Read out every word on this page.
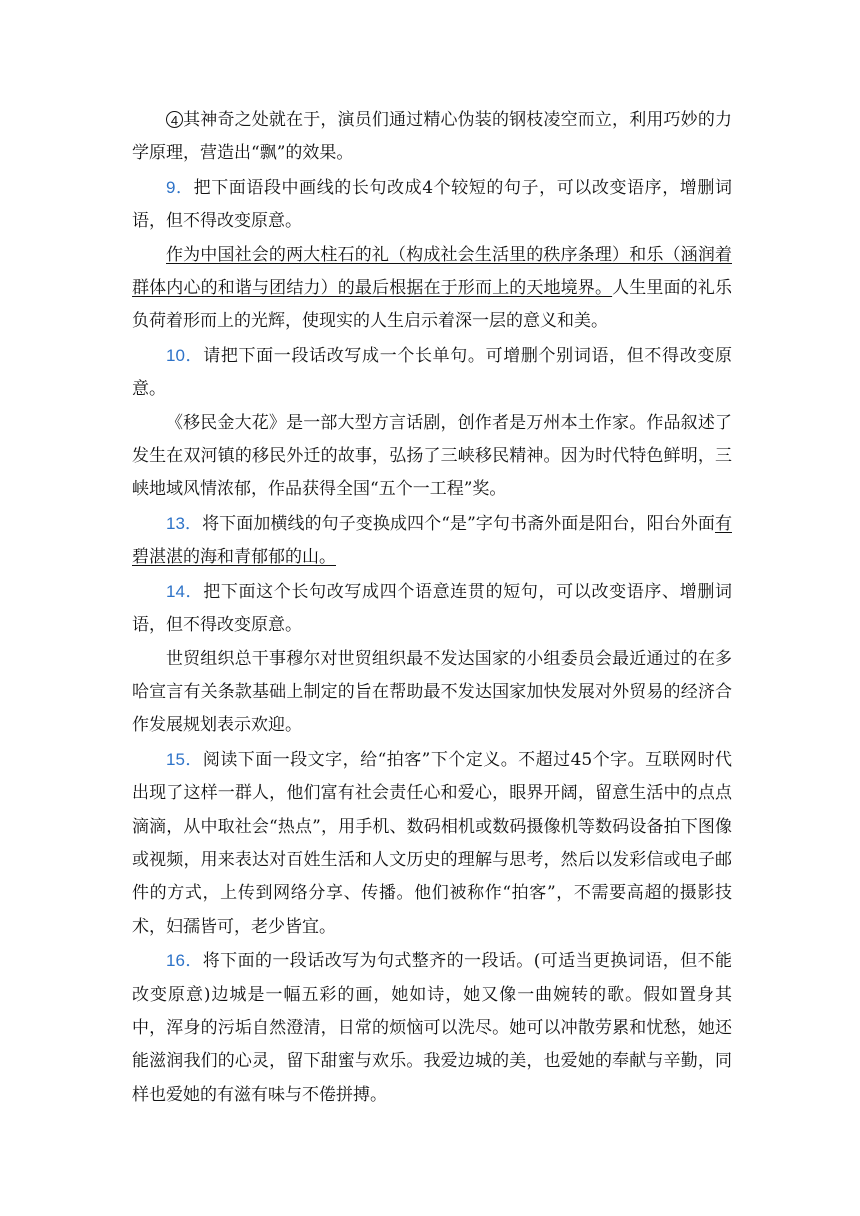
4 其神奇之处就在于，演员们通过精心伪装的钢枝凌空而立，利用巧妙的力学原理，营造出“飘”的效果。

9．把下面语段中画线的长句改成4个较短的句子，可以改变语序，增删词语，但不得改变原意。

作为中国社会的两大柱石的礼（构成社会生活里的秩序条理）和乐（涵润着群体内心的和谐与团结力）的最后根据在于形而上的天地境界。人生里面的礼乐负荷着形而上的光辉，使现实的人生启示着深一层的意义和美。

10．请把下面一段话改写成一个长单句。可增删个别词语，但不得改变原意。

《移民金大花》是一部大型方言话剧，创作者是万州本土作家。作品叙述了发生在双河镇的移民外迁的故事，弘扬了三峡移民精神。因为时代特色鲜明，三峡地域风情浓郁，作品获得全国“五个一工程”奖。

13．将下面加横线的句子变换成四个“是”字句书斋外面是阳台，阳台外面有碧湛湛的海和青郁郁的山。

14．把下面这个长句改写成四个语意连贯的短句，可以改变语序、增删词语，但不得改变原意。

世贸组织总干事穆尔对世贸组织最不发达国家的小组委员会最近通过的在多哈宣言有关条款基础上制定的旨在帮助最不发达国家加快发展对外贸易的经济合作发展规划表示欢迎。

15．阅读下面一段文字，给“拍客”下个定义。不超过45个字。互联网时代出现了这样一群人，他们富有社会责任心和爱心，眼界开阔，留意生活中的点点滴滴，从中取社会“热点”，用手机、数码相机或数码摄像机等数码设备拍下图像或视频，用来表达对百姓生活和人文历史的理解与思考，然后以发彩信或电子邮件的方式，上传到网络分享、传播。他们被称作“拍客”，不需要高超的摄影技术，妇孺皆可，老少皆宜。

16．将下面的一段话改写为句式整齐的一段话。(可适当更换词语，但不能改变原意)边城是一幅五彩的画，她如诗，她又像一曲婉转的歌。假如置身其中，浑身的污垢自然澄清，日常的烦恼可以洗尽。她可以冲散劳累和忧愁，她还能滋润我们的心灵，留下甜蜜与欢乐。我爱边城的美，也爱她的奉献与辛勤，同样也爱她的有滋有味与不倦拼搏。
